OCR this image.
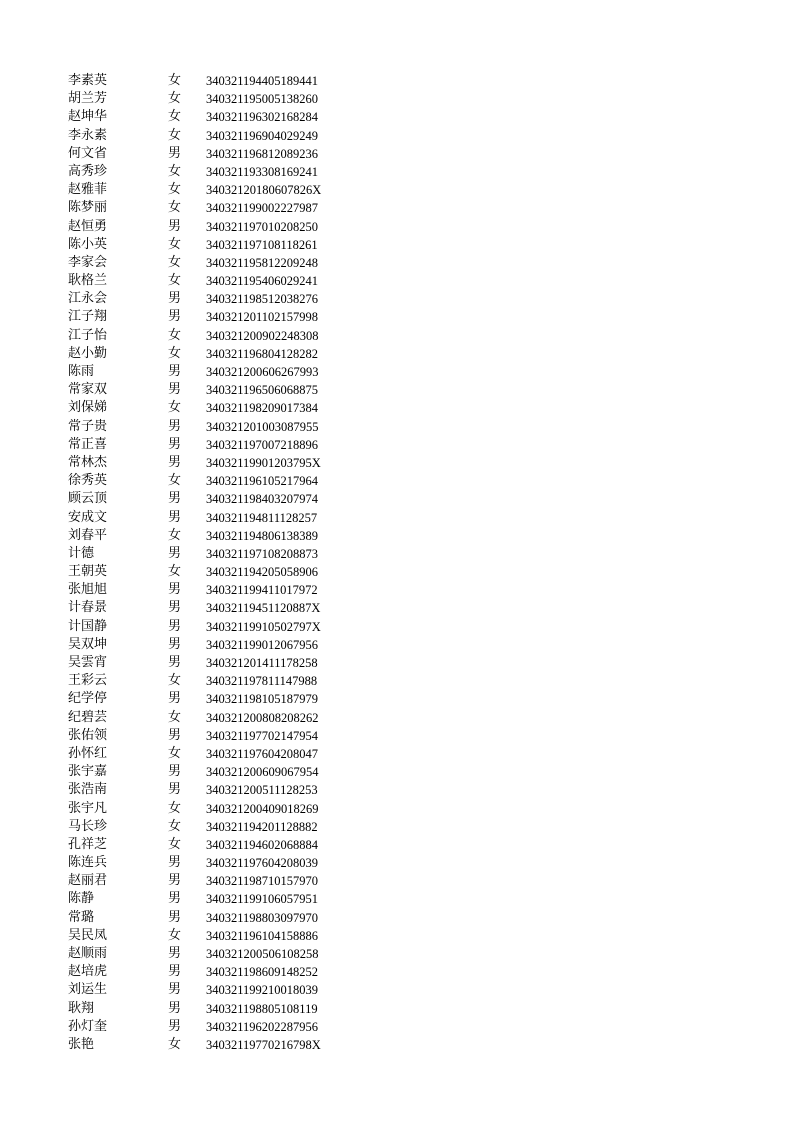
李素英	女 340321194405189441
胡兰芳	女 340321195005138260
赵坤华	女 340321196302168284
李永素	女 340321196904029249
何文省	男 340321196812089236
高秀珍	女 340321193308169241
赵雅菲	女 34032120180607826X
陈梦丽	女 340321199002227987
赵恒勇	男 340321197010208250
陈小英	女 340321197108118261
李家会	女 340321195812209248
耿格兰	女 340321195406029241
江永会	男 340321198512038276
江子翔	男 340321201102157998
江子怡	女 340321200902248308
赵小勤	女 340321196804128282
陈雨	男 340321200606267993
常家双	男 340321196506068875
刘保娣	女 340321198209017384
常子贵	男 340321201003087955
常正喜	男 340321197007218896
常林杰	男 34032119901203795X
徐秀英	女 340321196105217964
顾云顶	男 340321198403207974
安成文	男 340321194811128257
刘春平	女 340321194806138389
计德	男 340321197108208873
王朝英	女 340321194205058906
张旭旭	男 340321199411017972
计春景	男 34032119451120887X
计国静	男 34032119910502797X
吴双坤	男 340321199012067956
吴雲宵	男 340321201411178258
王彩云	女 340321197811147988
纪学停	男 340321198105187979
纪碧芸	女 340321200808208262
张佑领	男 340321197702147954
孙怀红	女 340321197604208047
张宇嘉	男 340321200609067954
张浩南	男 340321200511128253
张宇凡	女 340321200409018269
马长珍	女 340321194201128882
孔祥芝	女 340321194602068884
陈连兵	男 340321197604208039
赵丽君	男 340321198710157970
陈静	男 340321199106057951
常璐	男 340321198803097970
吴民凤	女 340321196104158886
赵顺雨	男 340321200506108258
赵培虎	男 340321198609148252
刘运生	男 340321199210018039
耿翔	男 340321198805108119
孙灯奎	男 340321196202287956
张艳	女 34032119770216798X
